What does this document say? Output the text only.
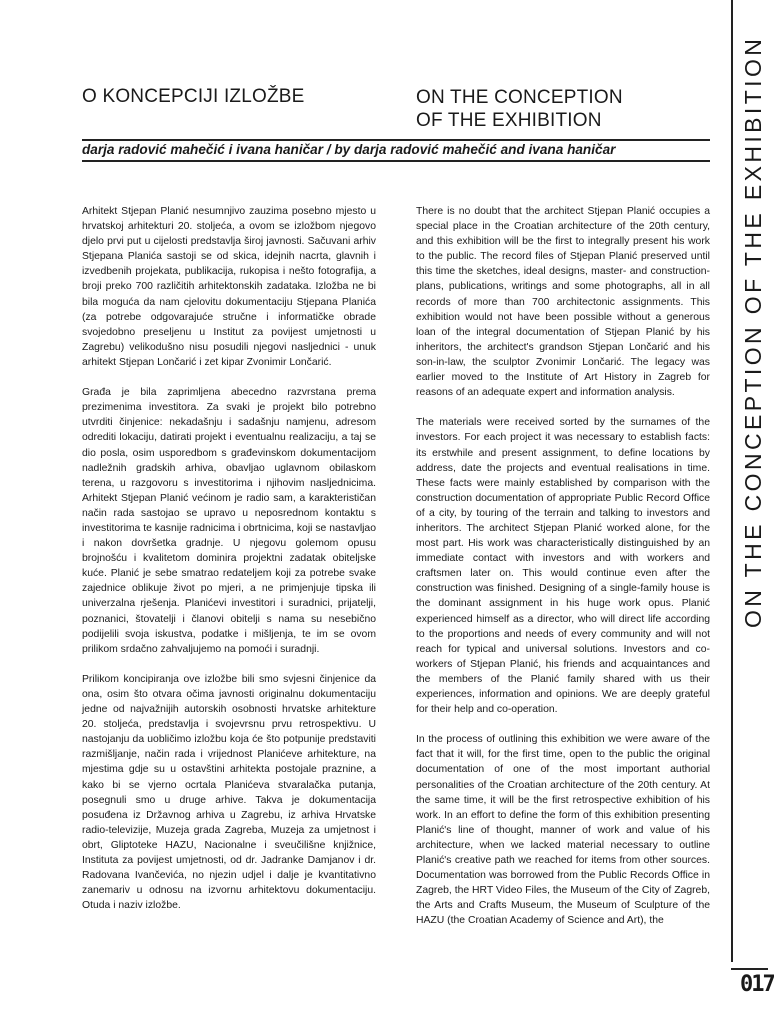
O KONCEPCIJI IZLOŽBE	ON THE CONCEPTION
OF THE EXHIBITION
darja radović mahečić i ivana haničar / by darja radović mahečić and ivana haničar

Arhitekt Stjepan Planić nesumnjivo zauzima posebno mjesto u hrvatskoj arhitekturi 20. stoljeća, a ovom se izložbom njegovo djelo prvi put u cijelosti predstavlja široj javnosti. Sačuvani arhiv Stjepana Planića sastoji se od skica, idejnih nacrta, glavnih i izvedbenih projekata, publikacija, rukopisa i nešto fotografija, a broji preko 700 različitih arhitektonskih zadataka. Izložba ne bi bila moguća da nam cjelovitu dokumentaciju Stjepana Planića (za potrebe odgovarajuće stručne i informatičke obrade svojedobno preseljenu u Institut za povijest umjetnosti u Zagrebu) velikodušno nisu posudili njegovi nasljednici - unuk arhitekt Stjepan Lončarić i zet kipar Zvonimir Lončarić.

Građa je bila zaprimljena abecedno razvrstana prema prezimenima investitora. Za svaki je projekt bilo potrebno utvrditi činjenice: nekadašnju i sadašnju namjenu, adresom odrediti lokaciju, datirati projekt i eventualnu realizaciju, a taj se dio posla, osim usporedbom s građevinskom dokumentacijom nadležnih gradskih arhiva, obavljao uglavnom obilaskom terena, u razgovoru s investitorima i njihovim nasljednicima. Arhitekt Stjepan Planić većinom je radio sam, a karakterističan način rada sastojao se upravo u neposrednom kontaktu s investitorima te kasnije radnicima i obrtnicima, koji se nastavljao i nakon dovršetka gradnje. U njegovu golemom opusu brojnošću i kvalitetom dominira projektni zadatak obiteljske kuće. Planić je sebe smatrao redateljem koji za potrebe svake zajednice oblikuje život po mjeri, a ne primjenjuje tipska ili univerzalna rješenja. Planićevi investitori i suradnici, prijatelji, poznanici, štovatelji i članovi obitelji s nama su nesebično podijelili svoja iskustva, podatke i mišljenja, te im se ovom prilikom srdačno zahvaljujemo na pomoći i suradnji.

Prilikom koncipiranja ove izložbe bili smo svjesni činjenice da ona, osim što otvara očima javnosti originalnu dokumentaciju jedne od najvažnijih autorskih osobnosti hrvatske arhitekture 20. stoljeća, predstavlja i svojevrsnu prvu retrospektivu. U nastojanju da uobličimo izložbu koja će što potpunije predstaviti razmišljanje, način rada i vrijednost Planićeve arhitekture, na mjestima gdje su u ostavštini arhitekta postojale praznine, a kako bi se vjerno ocrtala Planićeva stvaralačka putanja, posegnuli smo u druge arhive. Takva je dokumentacija posuđena iz Državnog arhiva u Zagrebu, iz arhiva Hrvatske radio-televizije, Muzeja grada Zagreba, Muzeja za umjetnost i obrt, Gliptoteke HAZU, Nacionalne i sveučilišne knjižnice, Instituta za povijest umjetnosti, od dr. Jadranke Damjanov i dr. Radovana Ivančevića, no njezin udjel i dalje je kvantitativno zanemariv u odnosu na izvornu arhitektovu dokumentaciju. Otuda i naziv izložbe.

There is no doubt that the architect Stjepan Planić occupies a special place in the Croatian architecture of the 20th century, and this exhibition will be the first to integrally present his work to the public. The record files of Stjepan Planić preserved until this time the sketches, ideal designs, master- and construction-plans, publications, writings and some photographs, all in all records of more than 700 architectonic assignments. This exhibition would not have been possible without a generous loan of the integral documentation of Stjepan Planić by his inheritors, the architect's grandson Stjepan Lončarić and his son-in-law, the sculptor Zvonimir Lončarić. The legacy was earlier moved to the Institute of Art History in Zagreb for reasons of an adequate expert and information analysis.

The materials were received sorted by the surnames of the investors. For each project it was necessary to establish facts: its erstwhile and present assignment, to define locations by address, date the projects and eventual realisations in time. These facts were mainly established by comparison with the construction documentation of appropriate Public Record Office of a city, by touring of the terrain and talking to investors and inheritors. The architect Stjepan Planić worked alone, for the most part. His work was characteristically distinguished by an immediate contact with investors and with workers and craftsmen later on. This would continue even after the construction was finished. Designing of a single-family house is the dominant assignment in his huge work opus. Planić experienced himself as a director, who will direct life according to the proportions and needs of every community and will not reach for typical and universal solutions. Investors and co-workers of Stjepan Planić, his friends and acquaintances and the members of the Planić family shared with us their experiences, information and opinions. We are deeply grateful for their help and co-operation.

In the process of outlining this exhibition we were aware of the fact that it will, for the first time, open to the public the original documentation of one of the most important authorial personalities of the Croatian architecture of the 20th century. At the same time, it will be the first retrospective exhibition of his work. In an effort to define the form of this exhibition presenting Planić's line of thought, manner of work and value of his architecture, when we lacked material necessary to outline Planić's creative path we reached for items from other sources. Documentation was borrowed from the Public Records Office in Zagreb, the HRT Video Files, the Museum of the City of Zagreb, the Arts and Crafts Museum, the Museum of Sculpture of the HAZU (the Croatian Academy of Science and Art), the

ON THE CONCEPTION OF THE EXHIBITION
017
